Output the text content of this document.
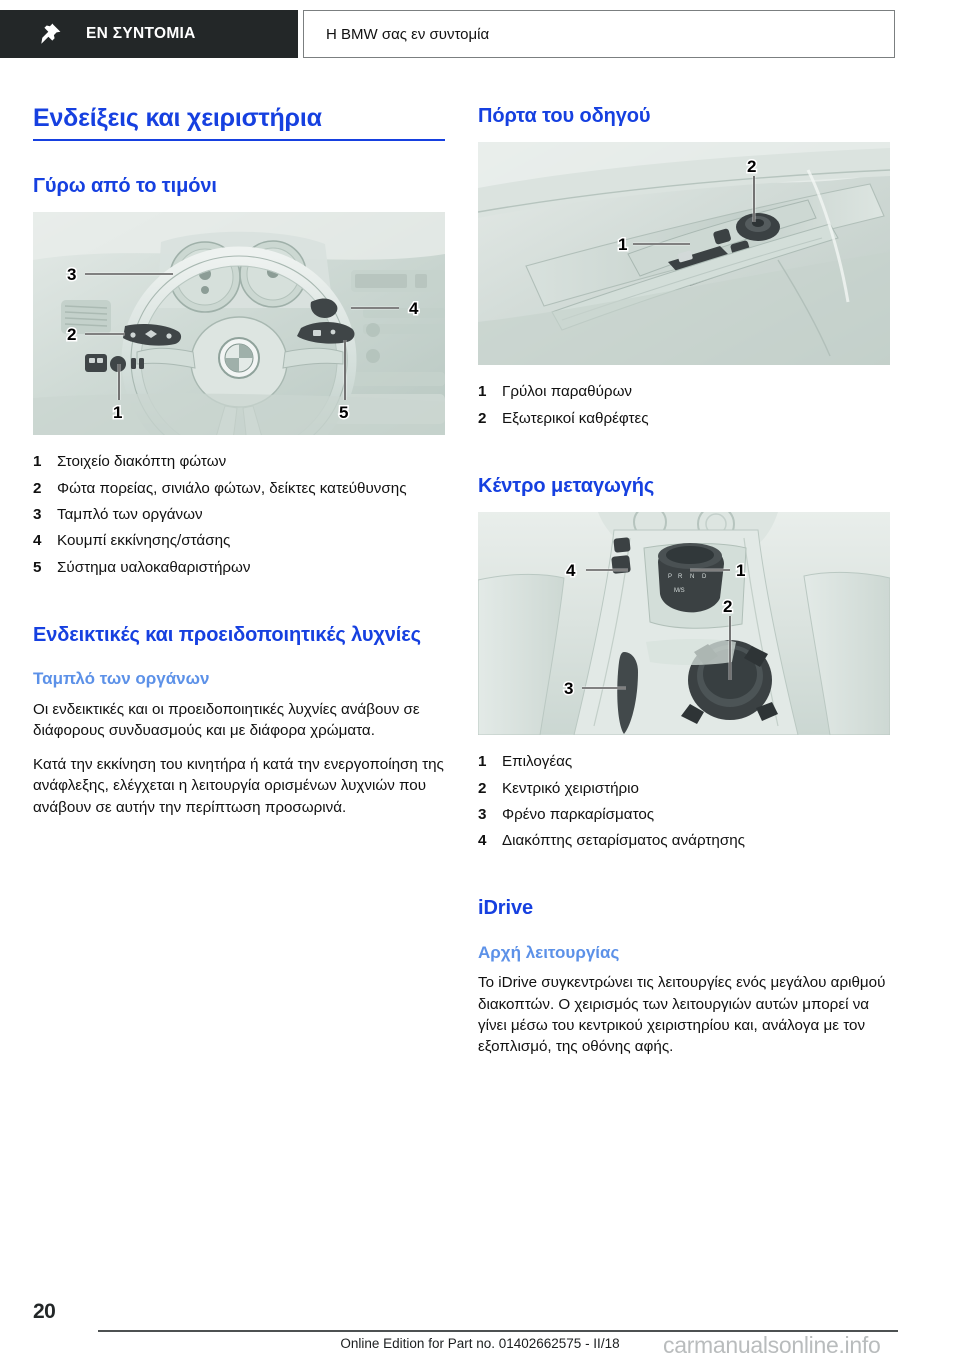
ΕΝ ΣΥΝΤΟΜΙΑ	Η BMW σας εν συντομία
Ενδείξεις και χειριστήρια
Γύρω από το τιμόνι
3
2
4
5
1
1	Στοιχείο διακόπτη φώτων
2	Φώτα πορείας, σινιάλο φώτων, δείκτες κατεύθυνσης
3	Ταμπλό των οργάνων
4	Κουμπί εκκίνησης/στάσης
5	Σύστημα υαλοκαθαριστήρων
Ενδεικτικές και προειδοποιητικές λυχνίες
Ταμπλό των οργάνων

Οι ενδεικτικές και οι προειδοποιητικές λυχνίες ανάβουν σε διάφορους συνδυασμούς και με διάφορα χρώματα.

Κατά την εκκίνηση του κινητήρα ή κατά την ενεργοποίηση της ανάφλεξης, ελέγχεται η λειτουργία ορισμένων λυχνιών που ανάβουν σε αυτήν την περίπτωση προσωρινά.

Πόρτα του οδηγού
1
2
1	Γρύλοι παραθύρων
2	Εξωτερικοί καθρέφτες
Κέντρο μεταγωγής
P R N D
M/S
4	1
2
3
1	Επιλογέας
2	Κεντρικό χειριστήριο
3	Φρένο παρκαρίσματος
4	Διακόπτης σεταρίσματος ανάρτησης
iDrive
Αρχή λειτουργίας

Το iDrive συγκεντρώνει τις λειτουργίες ενός μεγάλου αριθμού διακοπτών. Ο χειρισμός των λειτουργιών αυτών μπορεί να γίνει μέσω του κεντρικού χειριστηρίου και, ανάλογα με τον εξοπλισμό, της οθόνης αφής.

20
Online Edition for Part no. 01402662575 - II/18	carmanualsonline.info
